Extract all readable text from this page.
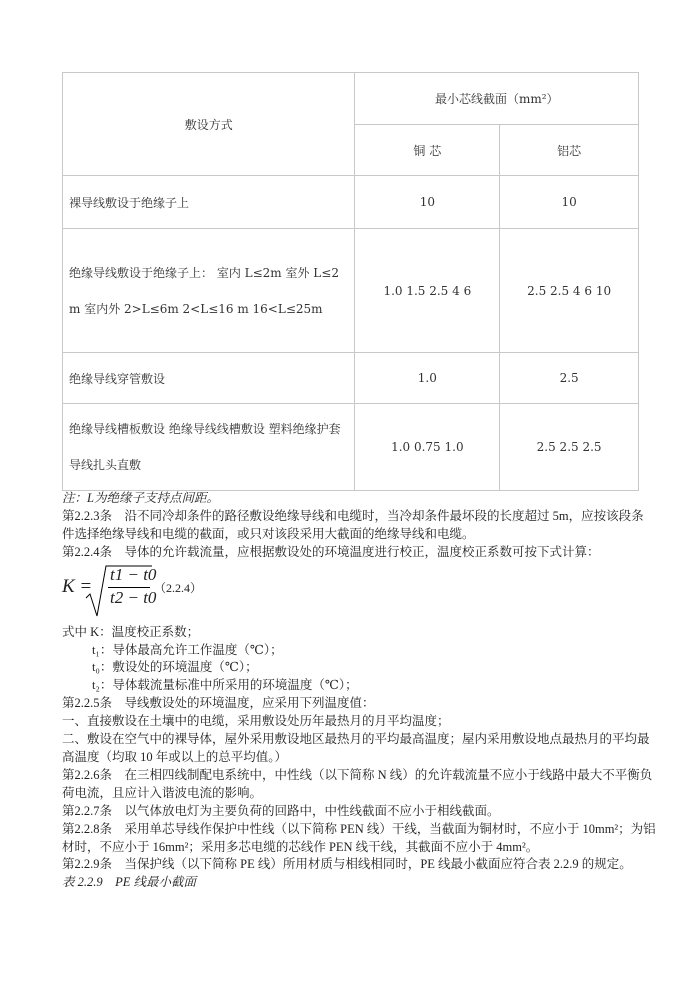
敷设方式	最小芯线截面（mm²）	
	铜 芯	铝芯
裸导线敷设于绝缘子上	10	10
绝缘导线敷设于绝缘子上： 室内 L≤2m 室外 L≤2m 室内外 2>L≤6m 2<L≤16 m 16<L≤25m	1.0 1.5 2.5 4 6	2.5 2.5 4 6 10
绝缘导线穿管敷设	1.0	2.5
绝缘导线槽板敷设 绝缘导线线槽敷设 塑料绝缘护套导线扎头直敷	1.0 0.75 1.0	2.5 2.5 2.5
注：L为绝缘子支持点间距。
第2.2.3条　沿不同冷却条件的路径敷设绝缘导线和电缆时，当冷却条件最坏段的长度超过 5m，应按该段条
件选择绝缘导线和电缆的截面，或只对该段采用大截面的绝缘导线和电缆。
第2.2.4条　导体的允许载流量，应根据敷设处的环境温度进行校正，温度校正系数可按下式计算：
K =
t1 − t0
t2 − t0
（2.2.4）
式中 K：温度校正系数；
t₁：导体最高允许工作温度（℃）；
t₀：敷设处的环境温度（℃）；
t₂：导体载流量标准中所采用的环境温度（℃）；
第2.2.5条　导线敷设处的环境温度，应采用下列温度值：
一、直接敷设在土壤中的电缆，采用敷设处历年最热月的月平均温度；
二、敷设在空气中的裸导体，屋外采用敷设地区最热月的平均最高温度；屋内采用敷设地点最热月的平均最
高温度（均取 10 年或以上的总平均值。）
第2.2.6条　在三相四线制配电系统中，中性线（以下简称 N 线）的允许载流量不应小于线路中最大不平衡负
荷电流，且应计入谐波电流的影响。
第2.2.7条　以气体放电灯为主要负荷的回路中，中性线截面不应小于相线截面。
第2.2.8条　采用单芯导线作保护中性线（以下简称 PEN 线）干线，当截面为铜材时，不应小于 10mm²；为铝
材时，不应小于 16mm²；采用多芯电缆的芯线作 PEN 线干线，其截面不应小于 4mm²。
第2.2.9条　当保护线（以下简称 PE 线）所用材质与相线相同时，PE 线最小截面应符合表 2.2.9 的规定。
表 2.2.9　PE 线最小截面
